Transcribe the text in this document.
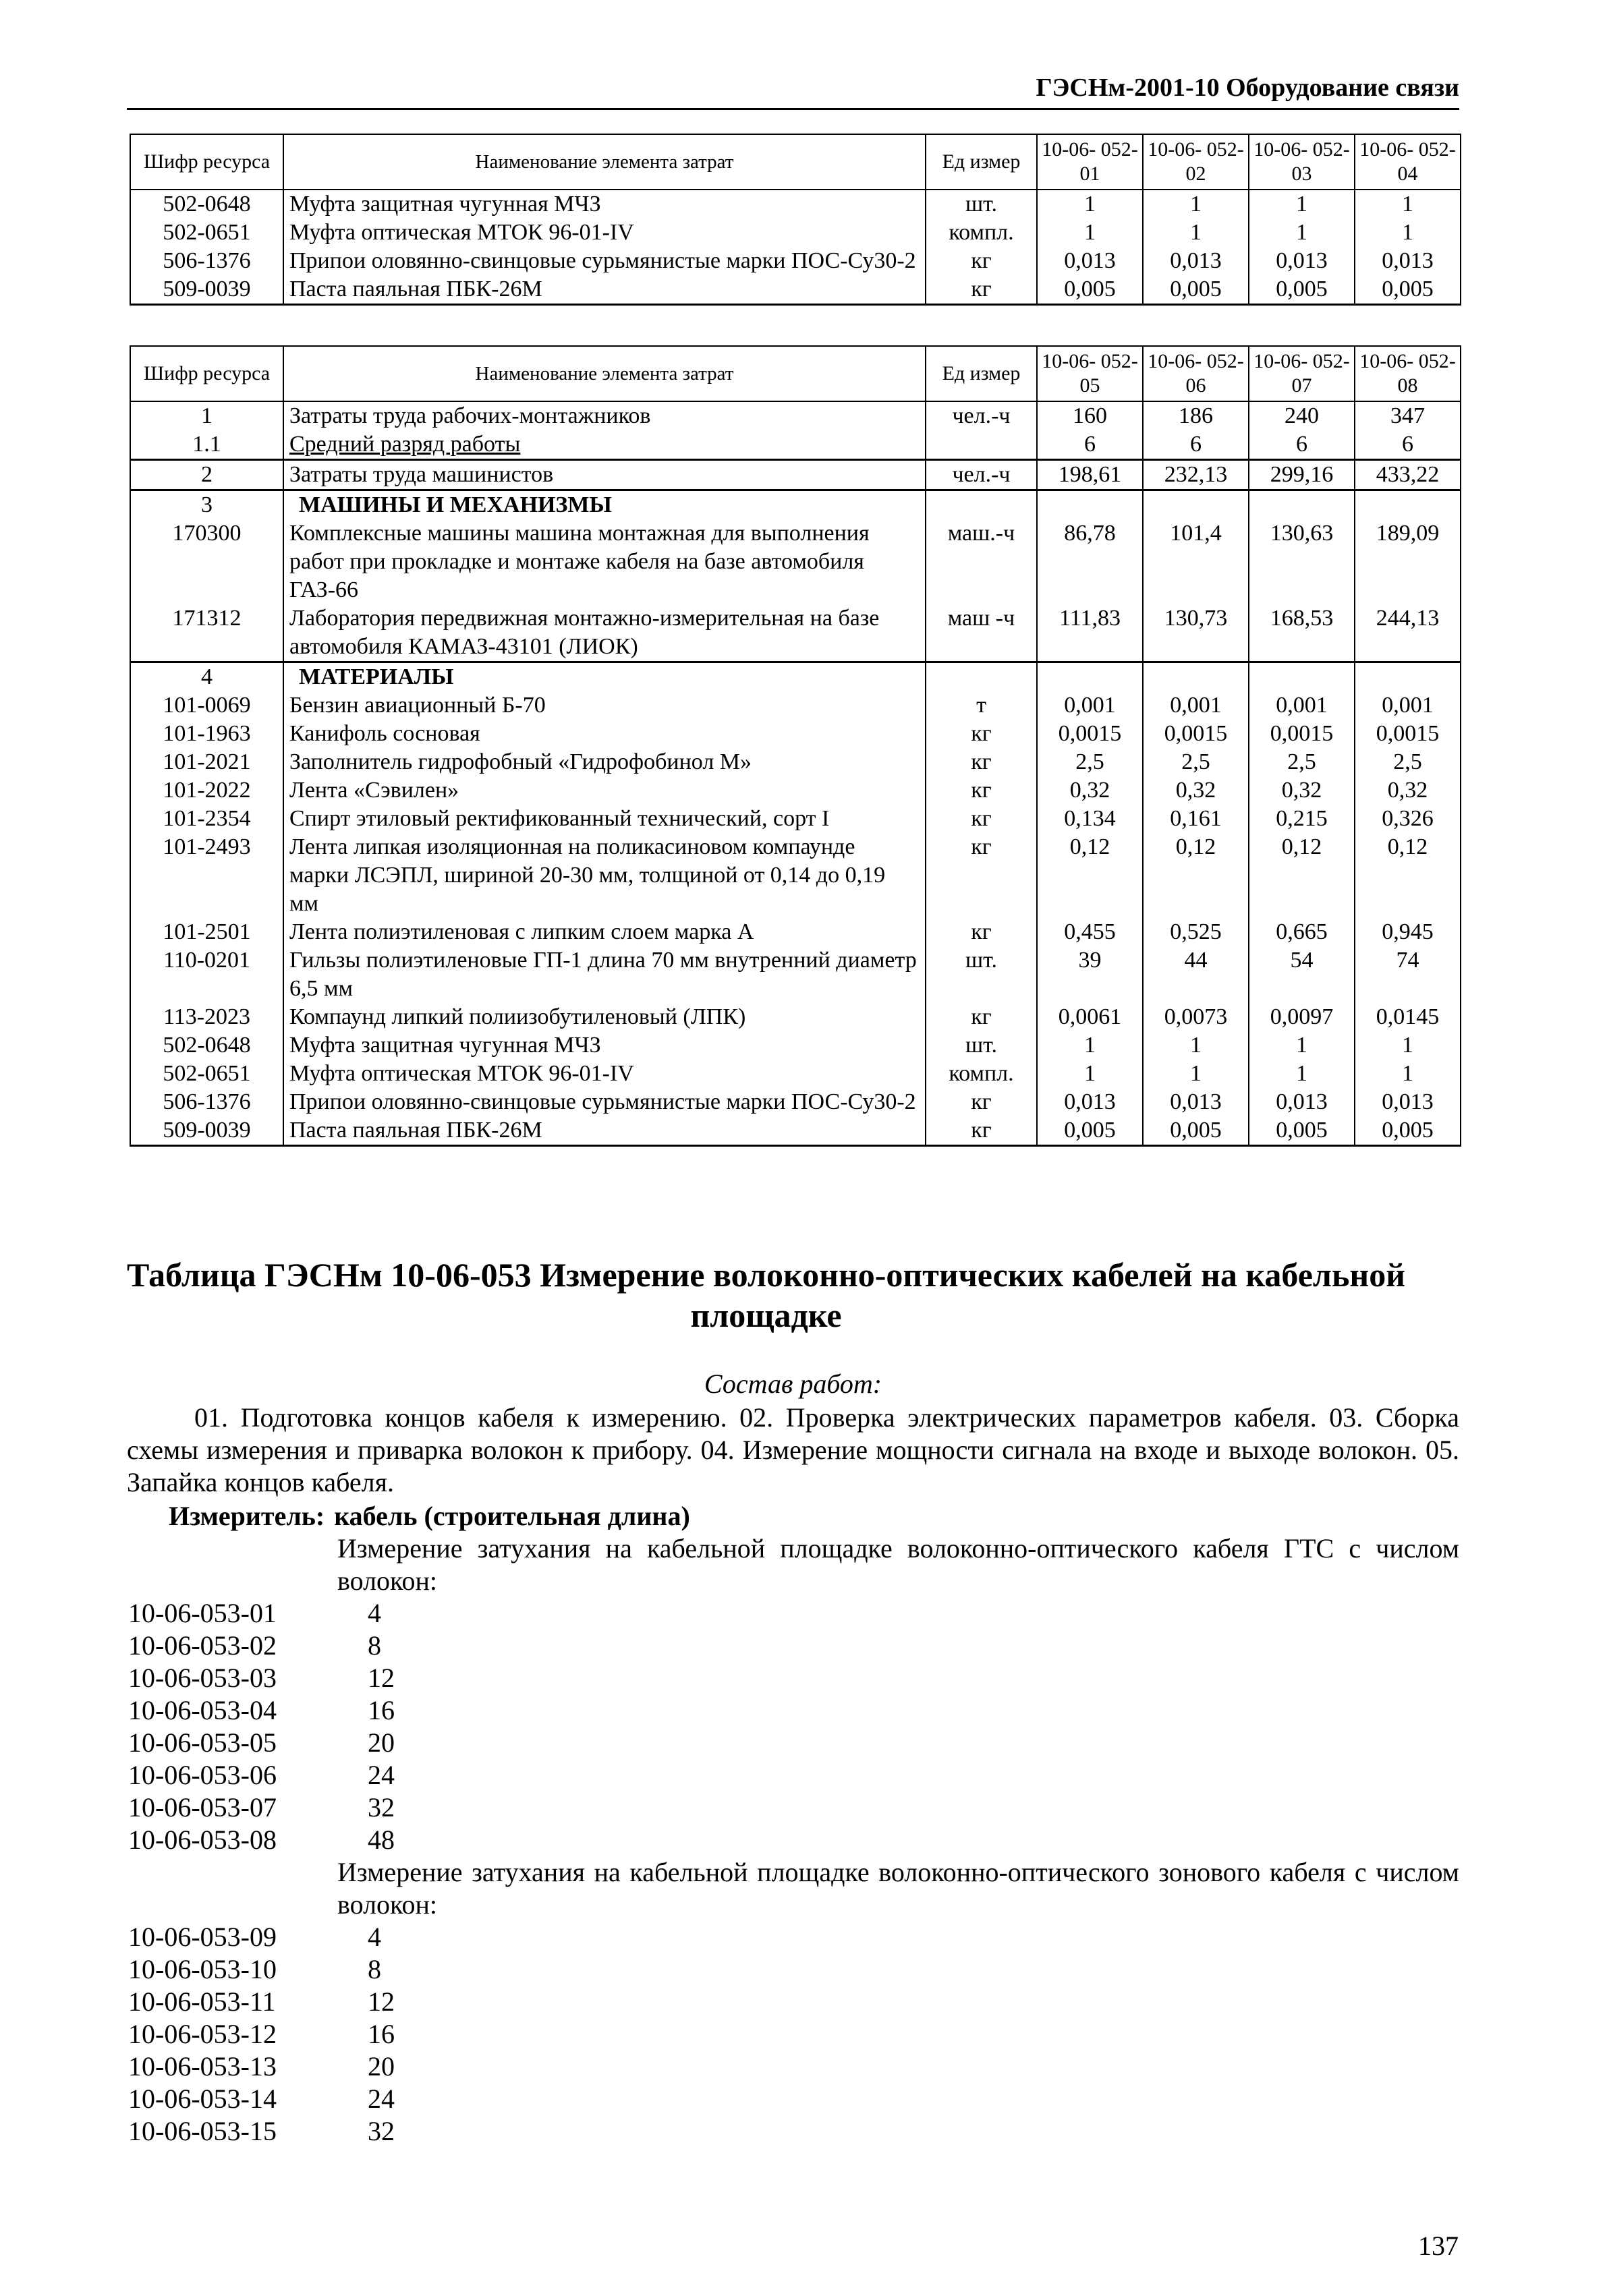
ГЭСНм-2001-10 Оборудование связи
Шифр ресурса	Наименование элемента затрат	Ед измер	10-06- 052-01	10-06- 052-02	10-06- 052-03	10-06- 052-04
502-0648	Муфта защитная чугунная МЧЗ	шт.	1	1	1	1
502-0651	Муфта оптическая МТОК 96-01-IV	компл.	1	1	1	1
506-1376	Припои оловянно-свинцовые сурьмянистые марки ПОС-Су30-2	кг	0,013	0,013	0,013	0,013
509-0039	Паста паяльная ПБК-26М	кг	0,005	0,005	0,005	0,005
Шифр ресурса	Наименование элемента затрат	Ед измер	10-06- 052-05	10-06- 052-06	10-06- 052-07	10-06- 052-08
1	Затраты труда рабочих-монтажников	чел.-ч	160	186	240	347
1.1	Средний разряд работы		6	6	6	6
2	Затраты труда машинистов	чел.-ч	198,61	232,13	299,16	433,22
3	МАШИНЫ И МЕХАНИЗМЫ					
170300	Комплексные машины машина монтажная для выполнения работ при прокладке и монтаже кабеля на базе автомобиля ГАЗ-66	маш.-ч	86,78	101,4	130,63	189,09
171312	Лаборатория передвижная монтажно-измерительная на базе автомобиля КАМАЗ-43101 (ЛИОК)	маш -ч	111,83	130,73	168,53	244,13
4	МАТЕРИАЛЫ					
101-0069	Бензин авиационный Б-70	т	0,001	0,001	0,001	0,001
101-1963	Канифоль сосновая	кг	0,0015	0,0015	0,0015	0,0015
101-2021	Заполнитель гидрофобный «Гидрофобинол М»	кг	2,5	2,5	2,5	2,5
101-2022	Лента «Сэвилен»	кг	0,32	0,32	0,32	0,32
101-2354	Спирт этиловый ректификованный технический, сорт I	кг	0,134	0,161	0,215	0,326
101-2493	Лента липкая изоляционная на поликасиновом компаунде марки ЛСЭПЛ, шириной 20-30 мм, толщиной от 0,14 до 0,19 мм	кг	0,12	0,12	0,12	0,12
101-2501	Лента полиэтиленовая с липким слоем марка А	кг	0,455	0,525	0,665	0,945
110-0201	Гильзы полиэтиленовые ГП-1 длина 70 мм внутренний диаметр 6,5 мм	шт.	39	44	54	74
113-2023	Компаунд липкий полиизобутиленовый (ЛПК)	кг	0,0061	0,0073	0,0097	0,0145
502-0648	Муфта защитная чугунная МЧЗ	шт.	1	1	1	1
502-0651	Муфта оптическая МТОК 96-01-IV	компл.	1	1	1	1
506-1376	Припои оловянно-свинцовые сурьмянистые марки ПОС-Су30-2	кг	0,013	0,013	0,013	0,013
509-0039	Паста паяльная ПБК-26М	кг	0,005	0,005	0,005	0,005
Таблица ГЭСНм 10-06-053 Измерение волоконно-оптических кабелей на кабельной
площадке
Состав работ:
01. Подготовка концов кабеля к измерению. 02. Проверка электрических параметров кабеля. 03. Сборка схемы измерения и приварка волокон к прибору. 04. Измерение мощности сигнала на входе и выходе волокон. 05. Запайка концов кабеля.
Измеритель: кабель (строительная длина)
Измерение затухания на кабельной площадке волоконно-оптического кабеля ГТС с числом волокон:
10-06-053-01	4
10-06-053-02	8
10-06-053-03	12
10-06-053-04	16
10-06-053-05	20
10-06-053-06	24
10-06-053-07	32
10-06-053-08	48
Измерение затухания на кабельной площадке волоконно-оптического зонового кабеля с числом волокон:
10-06-053-09	4
10-06-053-10	8
10-06-053-11	12
10-06-053-12	16
10-06-053-13	20
10-06-053-14	24
10-06-053-15	32
137
